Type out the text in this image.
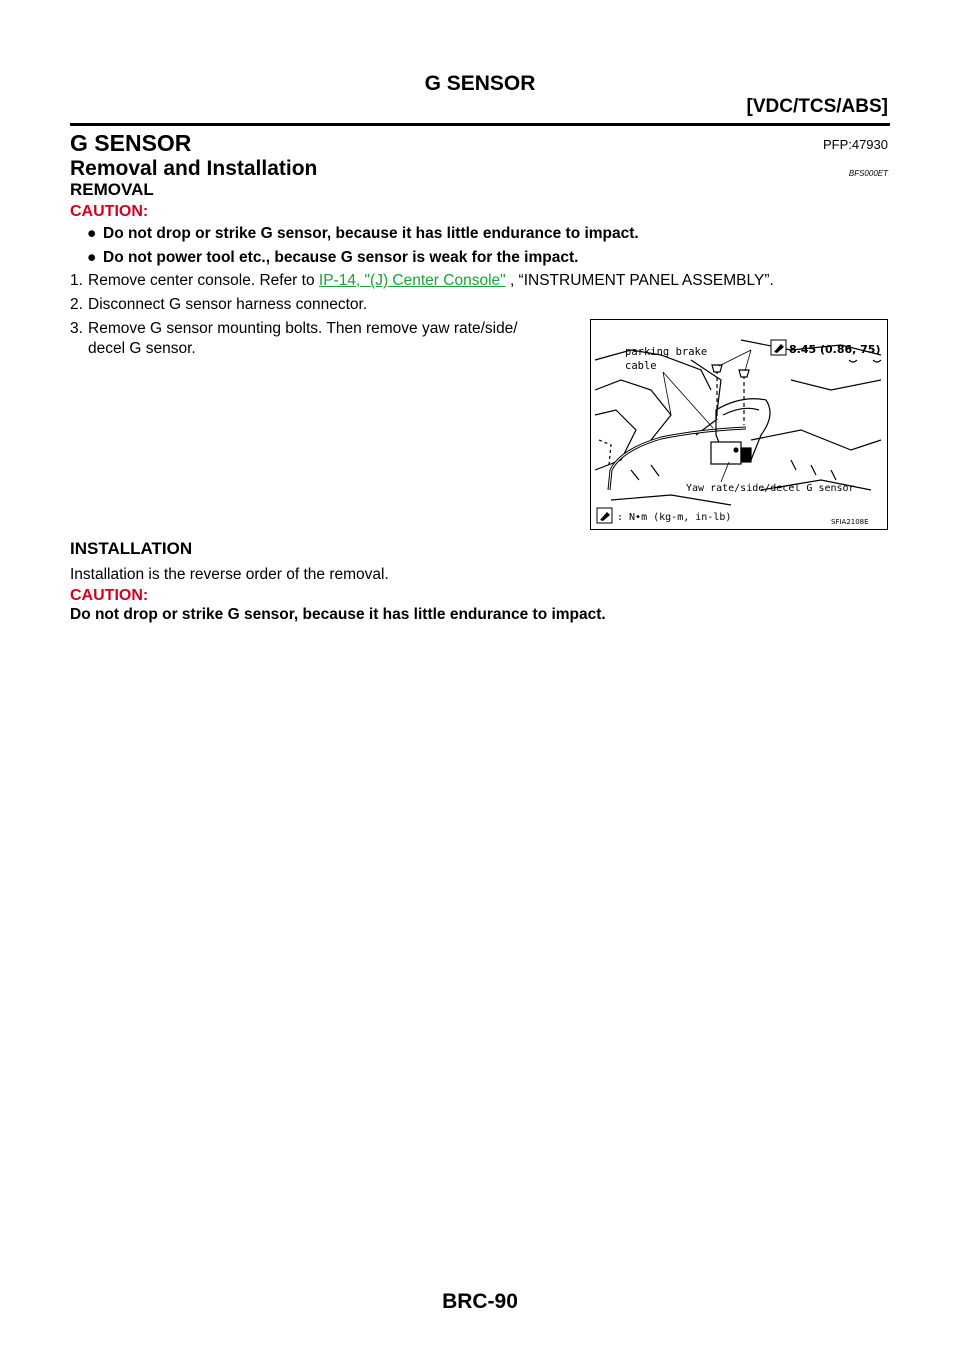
G SENSOR
[VDC/TCS/ABS]
G SENSOR	PFP:47930
Removal and Installation	BFS000ET
REMOVAL
CAUTION:
● Do not drop or strike G sensor, because it has little endurance to impact.
● Do not power tool etc., because G sensor is weak for the impact.
1. Remove center console. Refer to IP-14, "(J) Center Console" , “INSTRUMENT PANEL ASSEMBLY”.
2. Disconnect G sensor harness connector.
3. Remove G sensor mounting bolts. Then remove yaw rate/side/
decel G sensor.	parking brake
cable
8.45 (0.86, 75)
Yaw rate/side/decel G sensor
: N•m (kg-m, in-lb)	SFIA2108E
INSTALLATION
Installation is the reverse order of the removal.
CAUTION:
Do not drop or strike G sensor, because it has little endurance to impact.
BRC-90
